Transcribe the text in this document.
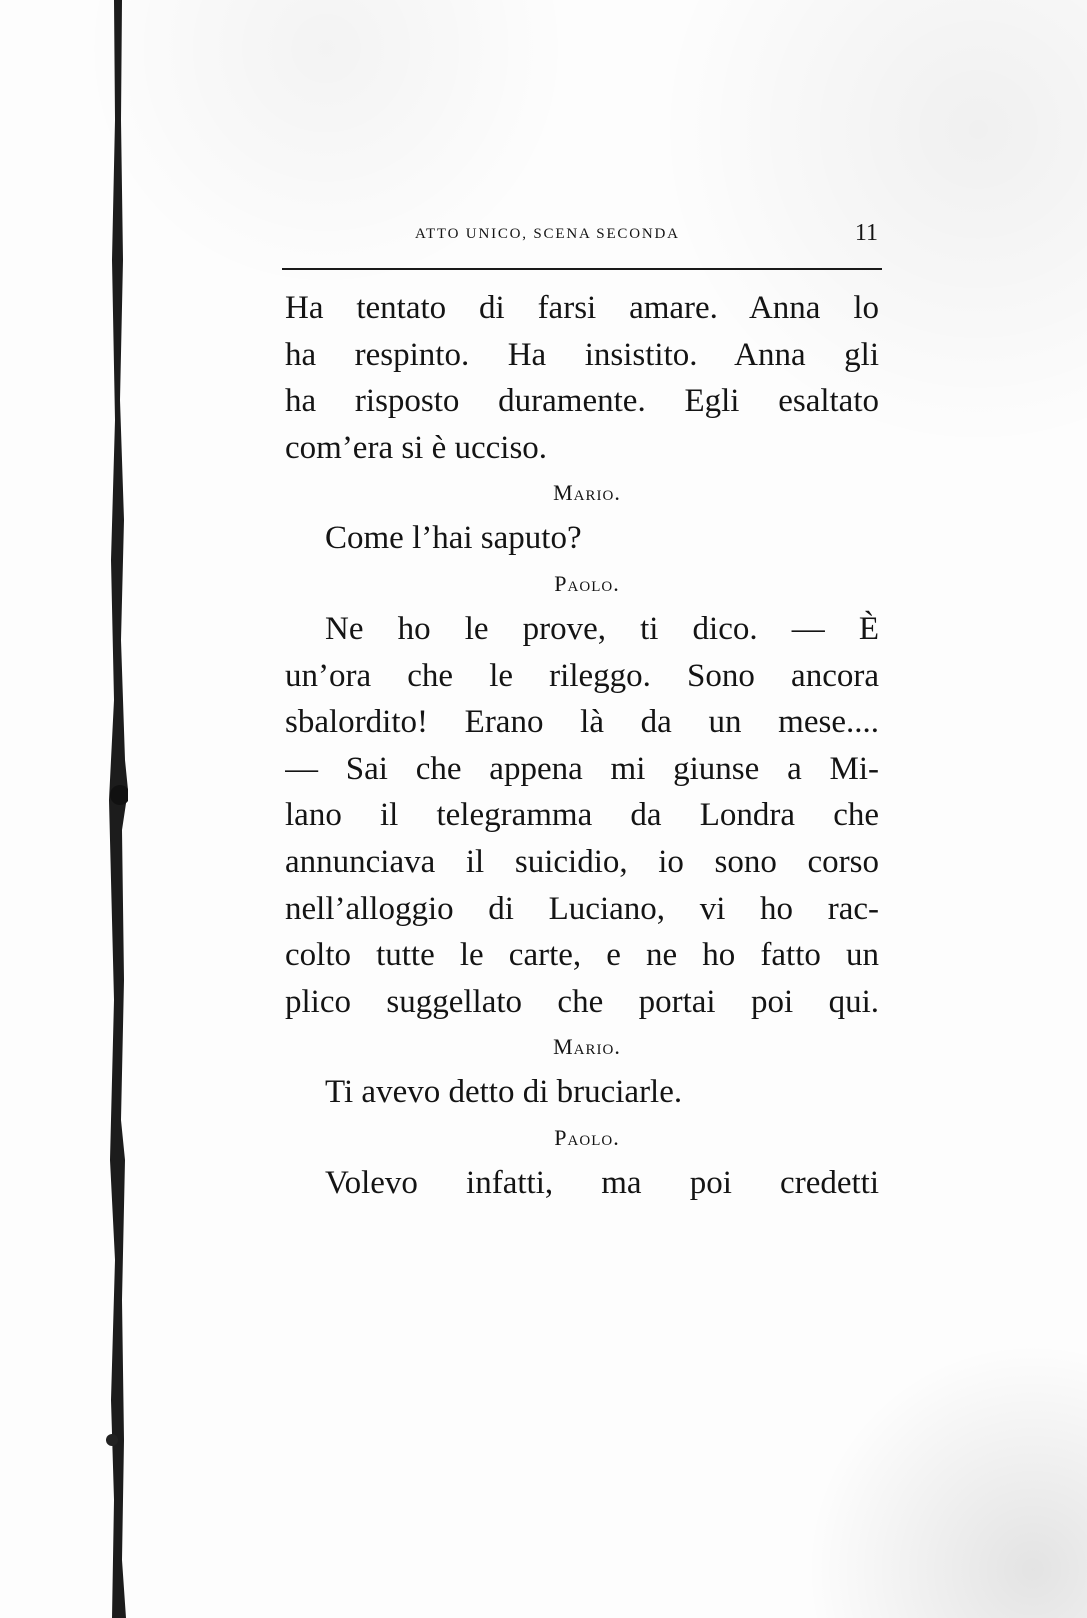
ATTO UNICO, SCENA SECONDA	11
Ha tentato di farsi amare. Anna lo
ha respinto. Ha insistito. Anna gli
ha risposto duramente. Egli esaltato
com’era si è ucciso.
Mario.
Come l’hai saputo?
Paolo.
Ne ho le prove, ti dico. — È
un’ora che le rileggo. Sono ancora
sbalordito! Erano là da un mese....
— Sai che appena mi giunse a Mi-
lano il telegramma da Londra che
annunciava il suicidio, io sono corso
nell’alloggio di Luciano, vi ho rac-
colto tutte le carte, e ne ho fatto un
plico suggellato che portai poi qui.
Mario.
Ti avevo detto di bruciarle.
Paolo.
Volevo infatti, ma poi credetti
